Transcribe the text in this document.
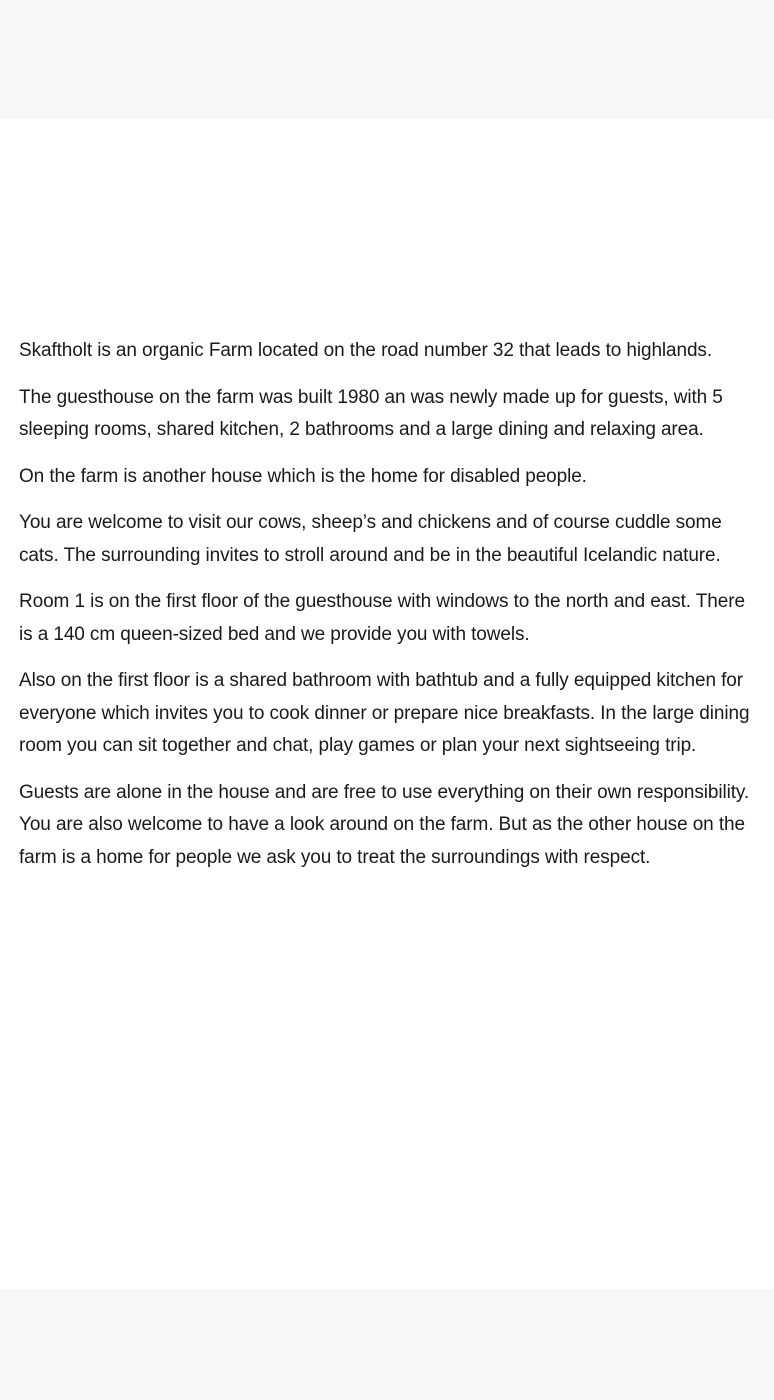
Skaftholt is an organic Farm located on the road number 32 that leads to highlands.

The guesthouse on the farm was built 1980 an was newly made up for guests, with 5 sleeping rooms, shared kitchen, 2 bathrooms and a large dining and relaxing area.

On the farm is another house which is the home for disabled people.

You are welcome to visit our cows, sheep’s and chickens and of course cuddle some cats. The surrounding invites to stroll around and be in the beautiful Icelandic nature.

Room 1 is on the first floor of the guesthouse with windows to the north and east. There is a 140 cm queen-sized bed and we provide you with towels.

Also on the first floor is a shared bathroom with bathtub and a fully equipped kitchen for everyone which invites you to cook dinner or prepare nice breakfasts. In the large dining room you can sit together and chat, play games or plan your next sightseeing trip.

Guests are alone in the house and are free to use everything on their own responsibility. You are also welcome to have a look around on the farm. But as the other house on the farm is a home for people we ask you to treat the surroundings with respect.
